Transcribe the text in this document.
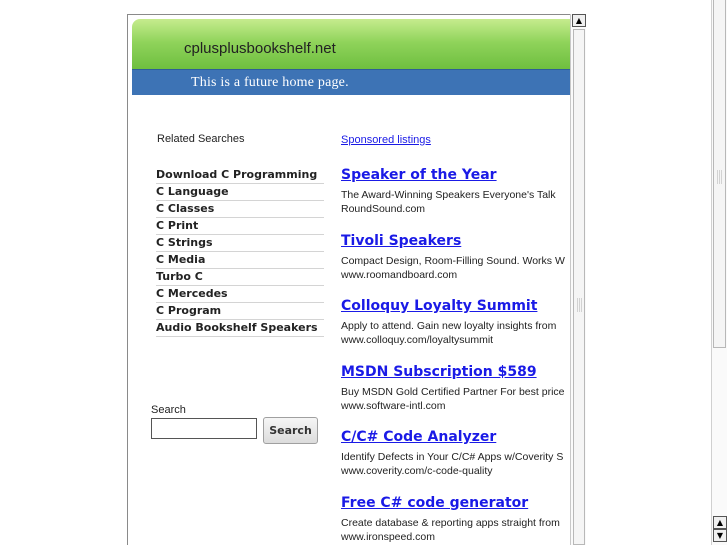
cplusplusbookshelf.net
This is a future home page.
Related Searches
Download C Programming
C Language
C Classes
C Print
C Strings
C Media
Turbo C
C Mercedes
C Program
Audio Bookshelf Speakers
Search
Search
Sponsored listings
Speaker of the Year
The Award-Winning Speakers Everyone's Talk
RoundSound.com
Tivoli Speakers
Compact Design, Room-Filling Sound. Works W
www.roomandboard.com
Colloquy Loyalty Summit
Apply to attend. Gain new loyalty insights from
www.colloquy.com/loyaltysummit
MSDN Subscription $589
Buy MSDN Gold Certified Partner For best price
www.software-intl.com
C/C# Code Analyzer
Identify Defects in Your C/C# Apps w/Coverity S
www.coverity.com/c-code-quality
Free C# code generator
Create database & reporting apps straight from
www.ironspeed.com
▲
▲
▼
